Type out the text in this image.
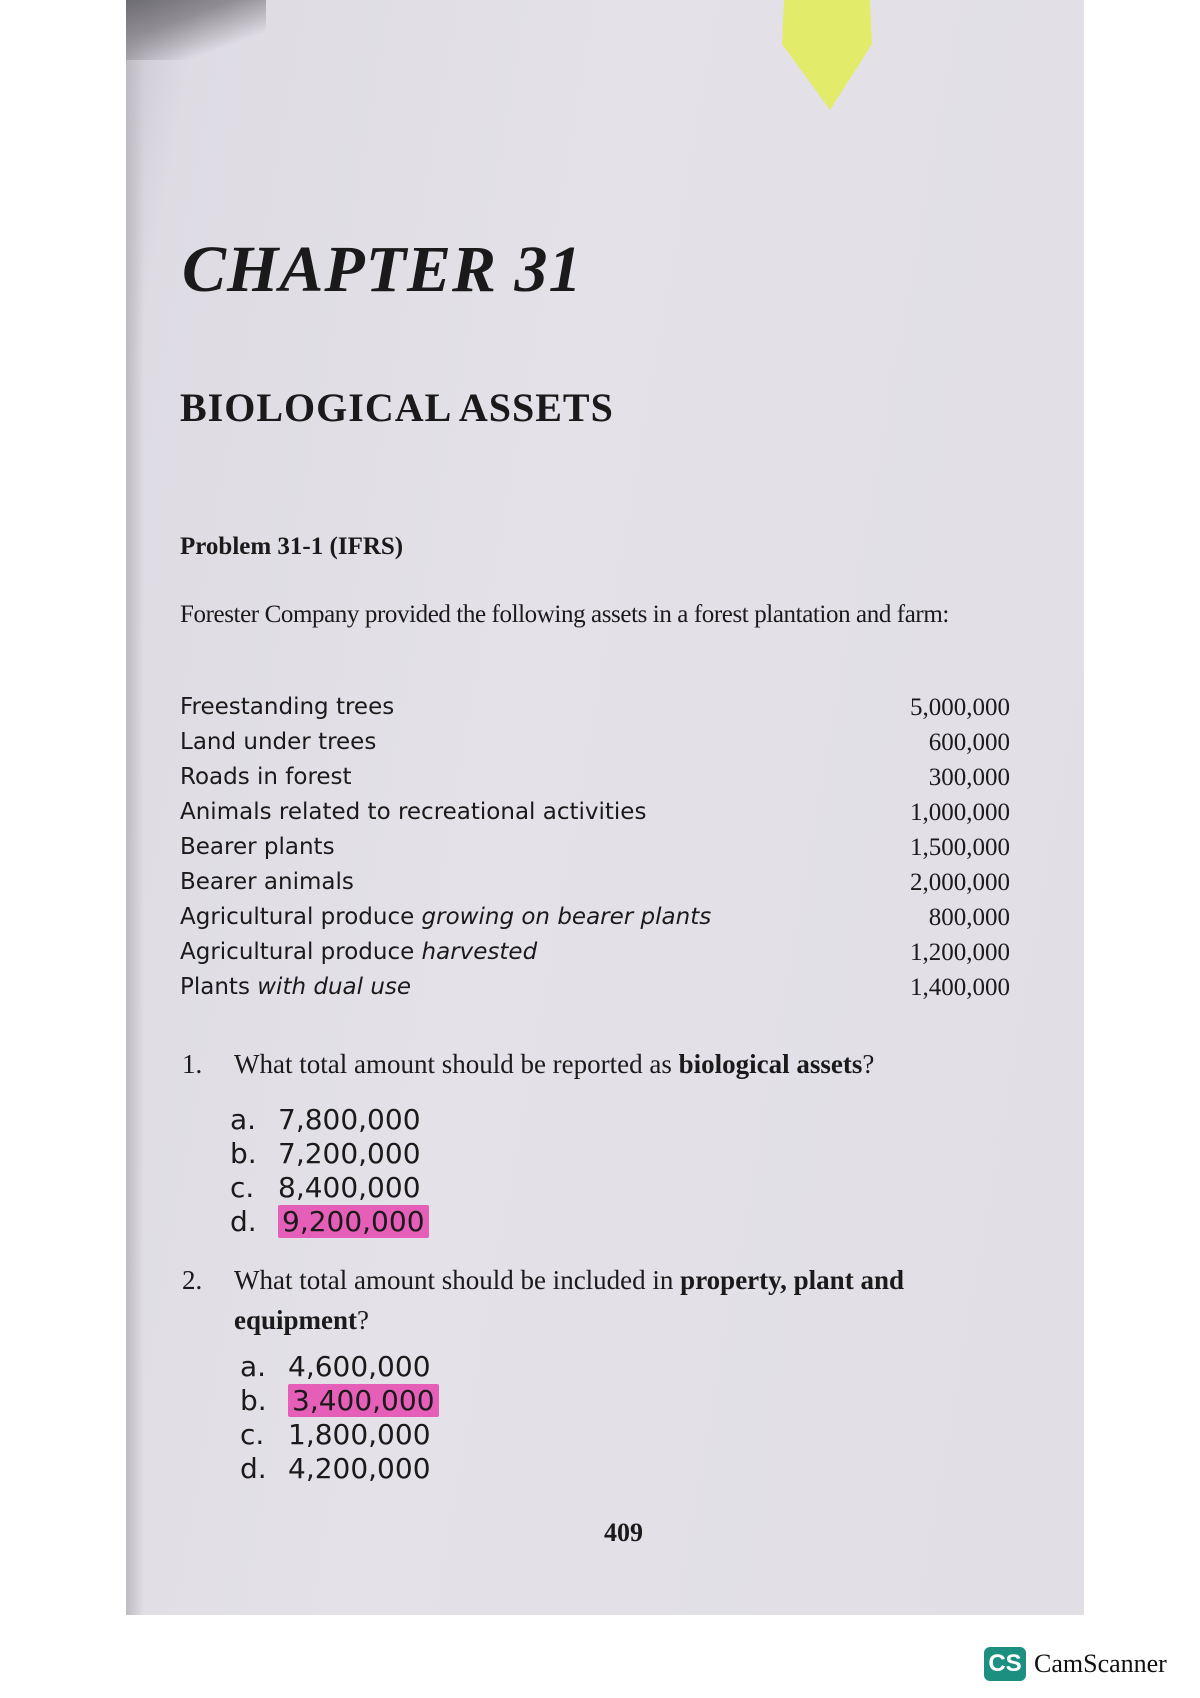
CHAPTER 31
BIOLOGICAL ASSETS
Problem 31-1 (IFRS)
Forester Company provided the following assets in a forest plantation and farm:
Freestanding trees	5,000,000
Land under trees	600,000
Roads in forest	300,000
Animals related to recreational activities	1,000,000
Bearer plants	1,500,000
Bearer animals	2,000,000
Agricultural produce growing on bearer plants	800,000
Agricultural produce harvested	1,200,000
Plants with dual use	1,400,000
1. What total amount should be reported as biological assets?
a. 7,800,000
b. 7,200,000
c. 8,400,000
d. 9,200,000
2. What total amount should be included in property, plant and equipment?
a. 4,600,000
b. 3,400,000
c. 1,800,000
d. 4,200,000
409
CS CamScanner
